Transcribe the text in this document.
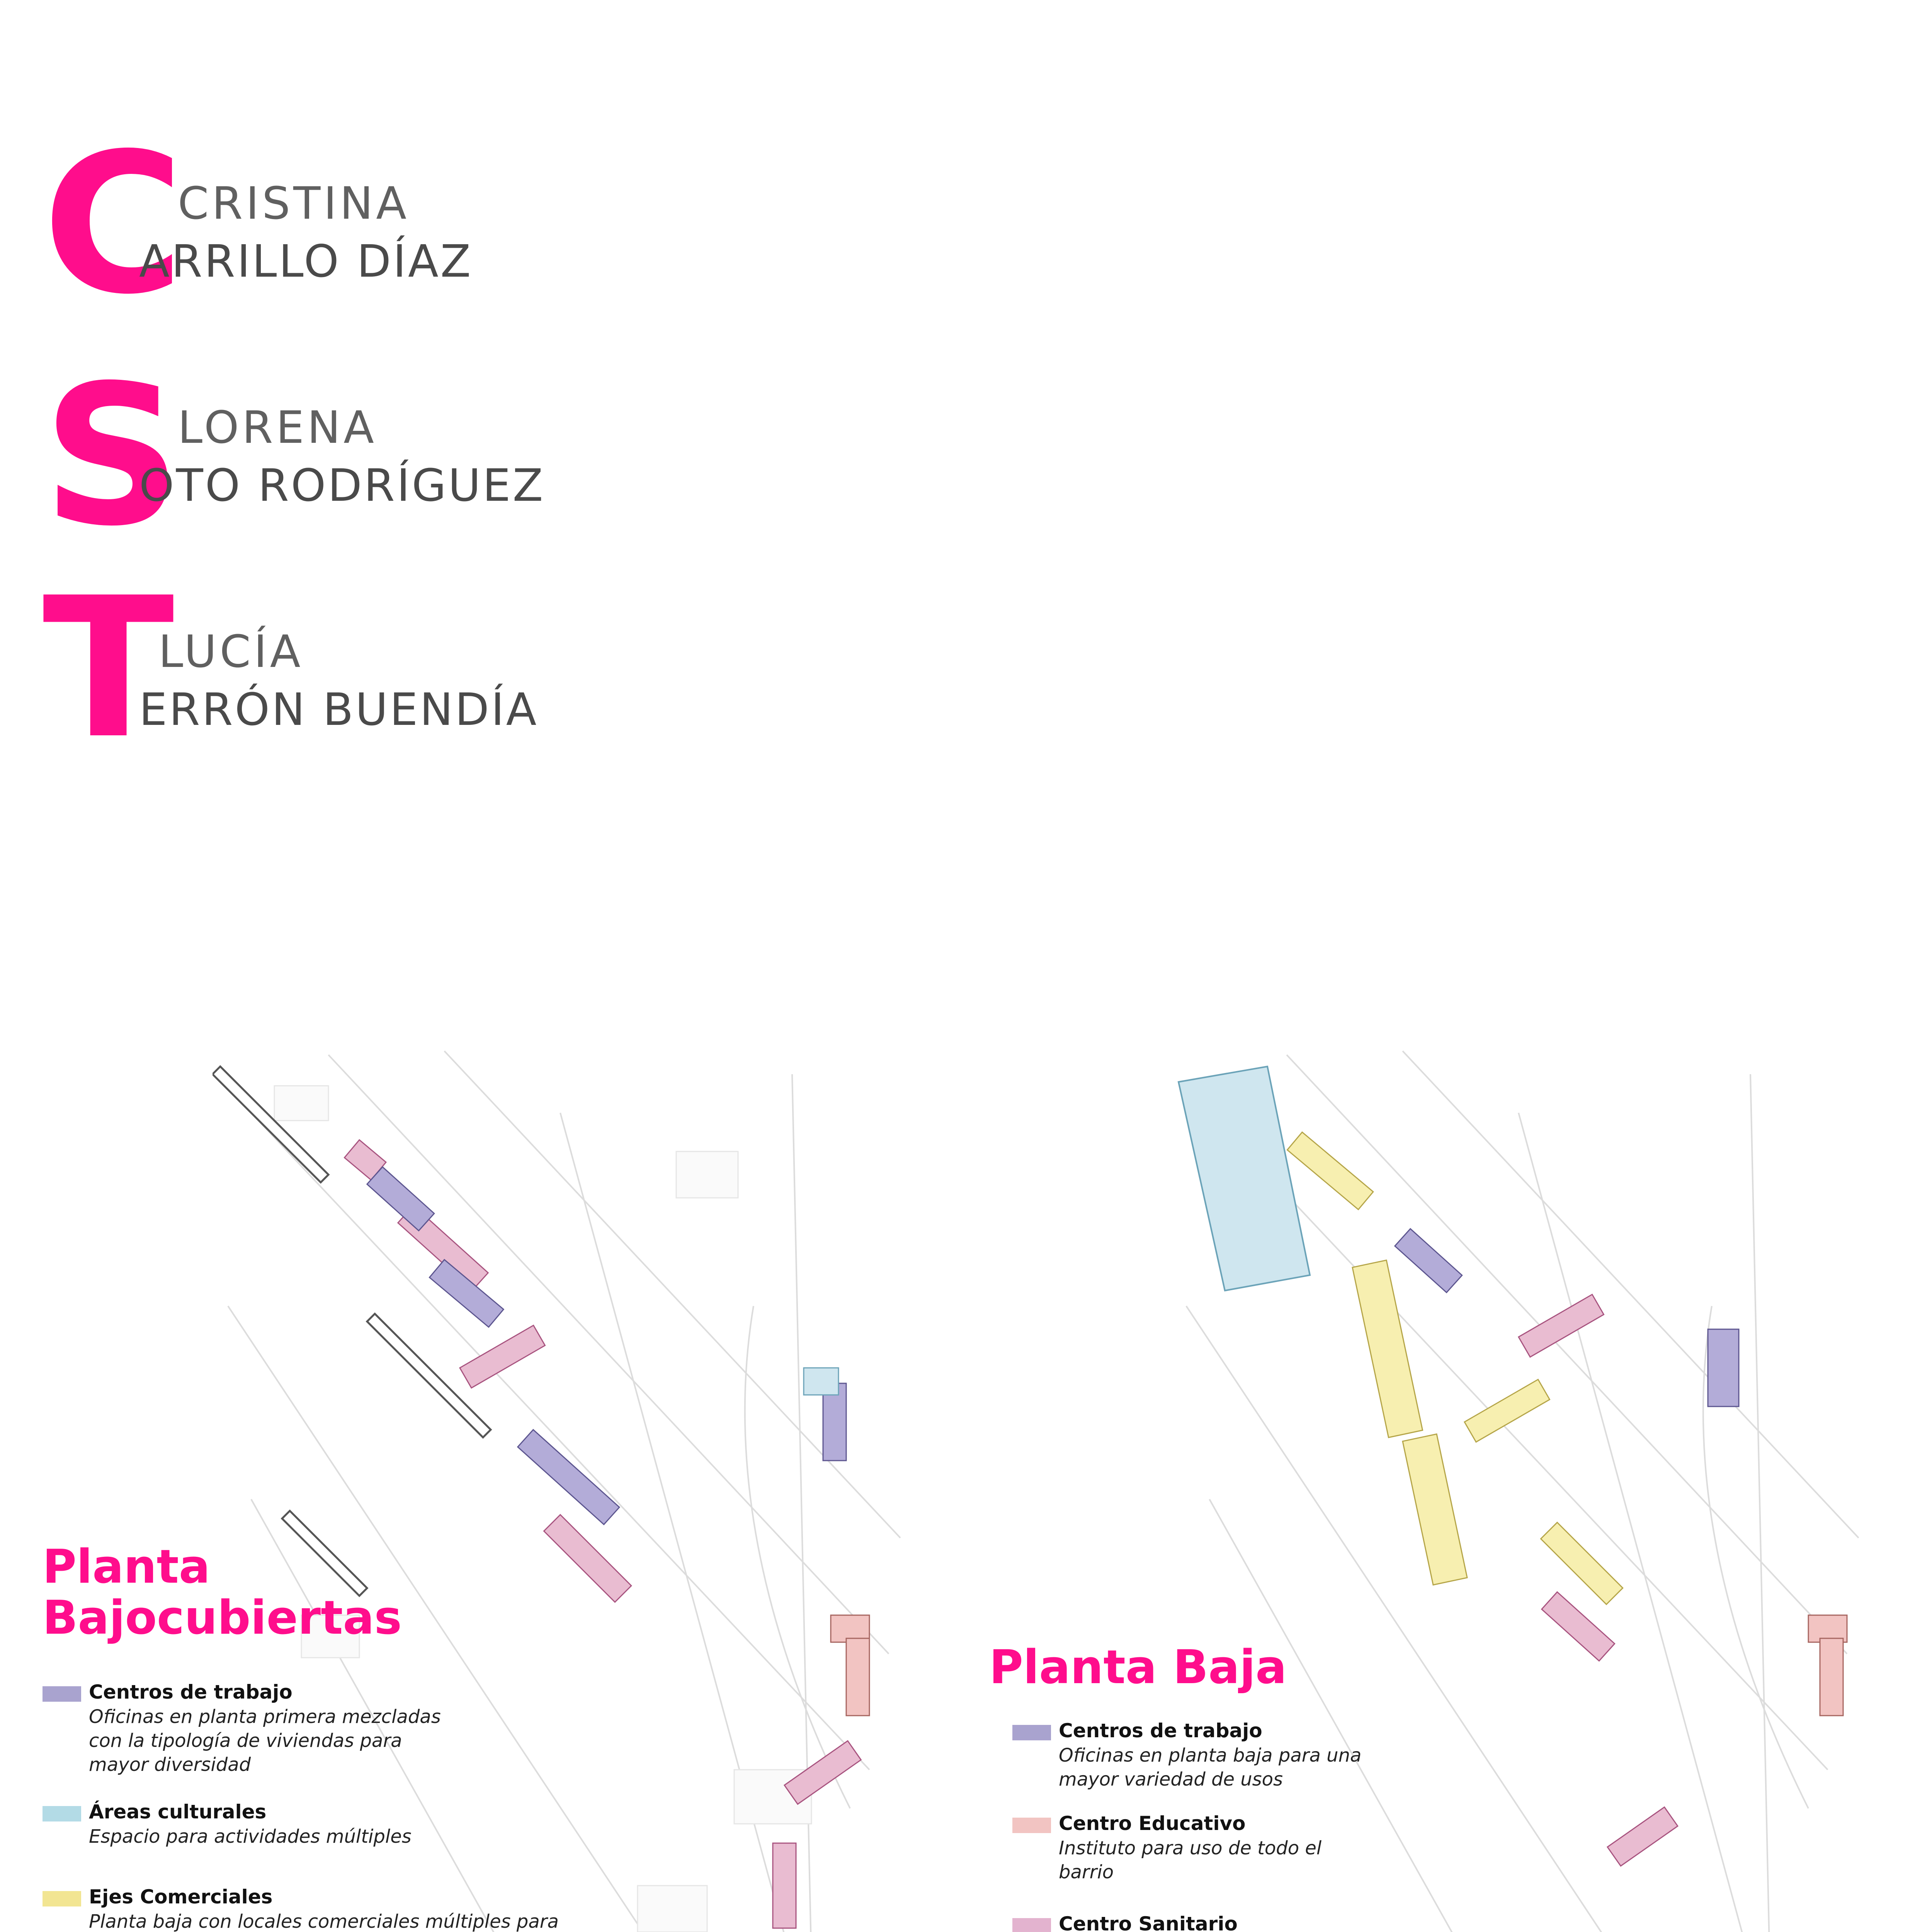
C
CRISTINA
ARRILLO DÍAZ
S
LORENA
OTO RODRÍGUEZ
T
LUCÍA
ERRÓN BUENDÍA
Planta Bajocubiertas
Centros de trabajo
Oficinas en planta primera mezcladas con la tipología de viviendas para mayor diversidad
Áreas culturales
Espacio para actividades múltiples
Ejes Comerciales
Planta baja con locales comerciales múltiples para
Planta Baja
Centros de trabajo
Oficinas en planta baja para una mayor variedad de usos
Centro Educativo
Instituto para uso de todo el barrio
Centro Sanitario
